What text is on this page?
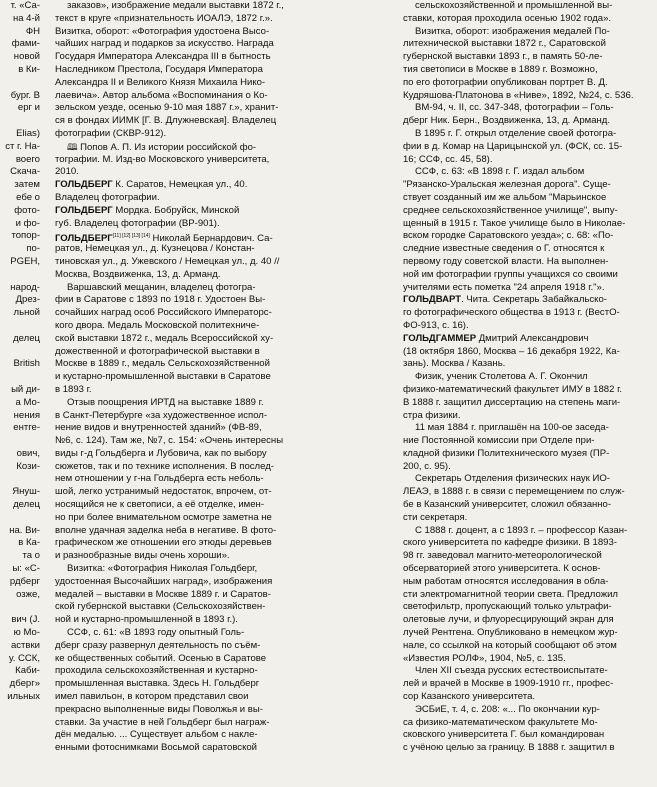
т. «Са-
на 4-й
ФН
фами-
новой
в Ки-
бург. В
ерг и
Elias)
ст г. На-
воего
Скача-
затем
ебе о
фото-
и фо-
топор-
по-
PGEH,
народ-
Дрез-
льной
делец
British
ый ди-
а Мо-
нения
ентге-
ович,
Кози-
Януш-
делец
на. Ви-
в Ка-
та о
ы: «С-
рдберг
озже,
вич (J.
ю Мо-
аствки
у. ССК,
Каби-
дберг»
ильных
заказов», изображение медали выставки 1872 г.,
текст в круге «признательность ИОАЛЭ, 1872 г.».
Визитка, оборот: «Фотография удостоена Высо-
чайших наград и подарков за искусство. Награда
Государя Императора Александра III в бытность
Наследником Престола, Государя Императора
Александра II и Великого Князя Михаила Нико-
лаевича». Автор альбома «Воспоминания о Ко-
зельском уезде, осенью 9-10 мая 1887 г.», хранит-
ся в фондах ИИМК [Г. В. Длужневская]. Владелец
фотографии (СКВР-912).
🕮 Попов А. П. Из истории российской фо-
тографии. М. Изд-во Московского университета,
2010.
ГОЛЬДБЕРГ К. Саратов, Немецкая ул., 40.
Владелец фотографии.
ГОЛЬДБЕРГ Мордка. Бобруйск, Минской
губ. Владелец фотографии (ВР-901).
ГОЛЬДБЕРГ[11] [12] [13] [14] Николай Бернардович. Са-
ратов, Немецкая ул., д. Кузнецова / Констан-
тиновская ул., д. Ужевского / Немецкая ул., д. 40 //
Москва, Воздвиженка, 13, д. Арманд.
Варшавский мещанин, владелец фотогра-
фии в Саратове с 1893 по 1918 г. Удостоен Вы-
сочайших наград особ Российского Императорс-
кого двора. Медаль Московской политехниче-
ской выставки 1872 г., медаль Всероссийской ху-
дожественной и фотографической выставки в
Москве в 1889 г., медаль Сельскохозяйственной
и кустарно-промышленной выставки в Саратове
в 1893 г.
Отзыв поощрения ИРТД на выставке 1889 г.
в Санкт-Петербурге «за художественное испол-
нение видов и внутренностей зданий» (ФВ-89,
№6, с. 124). Там же, №7, с. 154: «Очень интересны
виды г-д Гольдберга и Лубовича, как по выбору
сюжетов, так и по технике исполнения. В послед-
нем отношении у г-на Гольдберга есть неболь-
шой, легко устранимый недостаток, впрочем, от-
носящийся не к светописи, а её отделке, имен-
но при более внимательном осмотре заметна не
вполне удачная заделка неба в негативе. В фото-
графическом же отношении его этюды деревьев
и разнообразные виды очень хороши».
Визитка: «Фотография Николая Гольдберг,
удостоенная Высочайших наград», изображения
медалей – выставки в Москве 1889 г. и Саратов-
ской губернской выставки (Сельскохозяйствен-
ной и кустарно-промышленной в 1893 г.).
ССФ, с. 61: «В 1893 году опытный Голь-
дберг сразу развернул деятельность по съём-
ке общественных событий. Осенью в Саратове
проходила сельскохозяйственная и кустарно-
промышленная выставка. Здесь Н. Гольдберг
имел павильон, в котором представил свои
прекрасно выполненные виды Поволжья и вы-
ставки. За участие в ней Гольдберг был награж-
дён медалью. ... Существует альбом с накле-
енными фотоснимками Восьмой саратовской
сельскохозяйственной и промышленной вы-
ставки, которая проходила осенью 1902 года».
Визитка, оборот: изображения медалей По-
литехнической выставки 1872 г., Саратовской
губернской выставки 1893 г., в память 50-ле-
тия светописи в Москве в 1889 г. Возможно,
по его фотографии опубликован портрет В. Д.
Кудряшова-Платонова в «Ниве», 1892, №24, с. 536.
ВМ-94, ч. II, сс. 347-348, фотографии – Голь-
дберг Ник. Берн., Воздвиженка, 13, д. Арманд.
В 1895 г. Г. открыл отделение своей фотогра-
фии в д. Комар на Царицынской ул. (ФСК, сс. 15-
16; ССФ, сс. 45, 58).
ССФ, с. 63: «В 1898 г. Г. издал альбом
"Рязанско-Уральская железная дорога". Суще-
ствует созданный им же альбом "Марьинское
среднее сельскохозяйственное училище", выпу-
щенный в 1915 г. Такое училище было в Николае-
вском городке Саратовского уезда»; с. 68: «По-
следние известные сведения о Г. относятся к
первому году советской власти. На выполнен-
ной им фотографии группы учащихся со своими
учителями есть пометка "24 апреля 1918 г."».
ГОЛЬДВАРТ. Чита. Секретарь Забайкальско-
го фотографического общества в 1913 г. (ВестО-
ФО-913, с. 16).
ГОЛЬДГАММЕР Дмитрий Александрович
(18 октября 1860, Москва – 16 декабря 1922, Ка-
зань). Москва / Казань.
Физик, ученик Столетова А. Г. Окончил
физико-математический факультет ИМУ в 1882 г.
В 1888 г. защитил диссертацию на степень маги-
стра физики.
11 мая 1884 г. приглашён на 100-ое заседа-
ние Постоянной комиссии при Отделе при-
кладной физики Политехнического музея (ПР-
200, с. 95).
Секретарь Отделения физических наук ИО-
ЛЕАЭ, в 1888 г. в связи с перемещением по служ-
бе в Казанский университет, сложил обязанно-
сти секретаря.
С 1888 г. доцент, а с 1893 г. – профессор Казан-
ского университета по кафедре физики. В 1893-
98 гг. заведовал магнито-метеорологической
обсерваторией этого университета. К основ-
ным работам относятся исследования в обла-
сти электромагнитной теории света. Предложил
светофильтр, пропускающий только ультрафи-
олетовые лучи, и флуоресцирующий экран для
лучей Рентгена. Опубликовано в немецком жур-
нале, со ссылкой на который сообщают об этом
«Известия РОЛФ», 1904, №5, с. 135.
Член XII съезда русских естествоиспытате-
лей и врачей в Москве в 1909-1910 гг., профес-
сор Казанского университета.
ЭСБиЕ, т. 4, с. 208: «... По окончании кур-
са физико-математическом факультете Мо-
сковского университета Г. был командирован
с учёною целью за границу. В 1888 г. защитил в
